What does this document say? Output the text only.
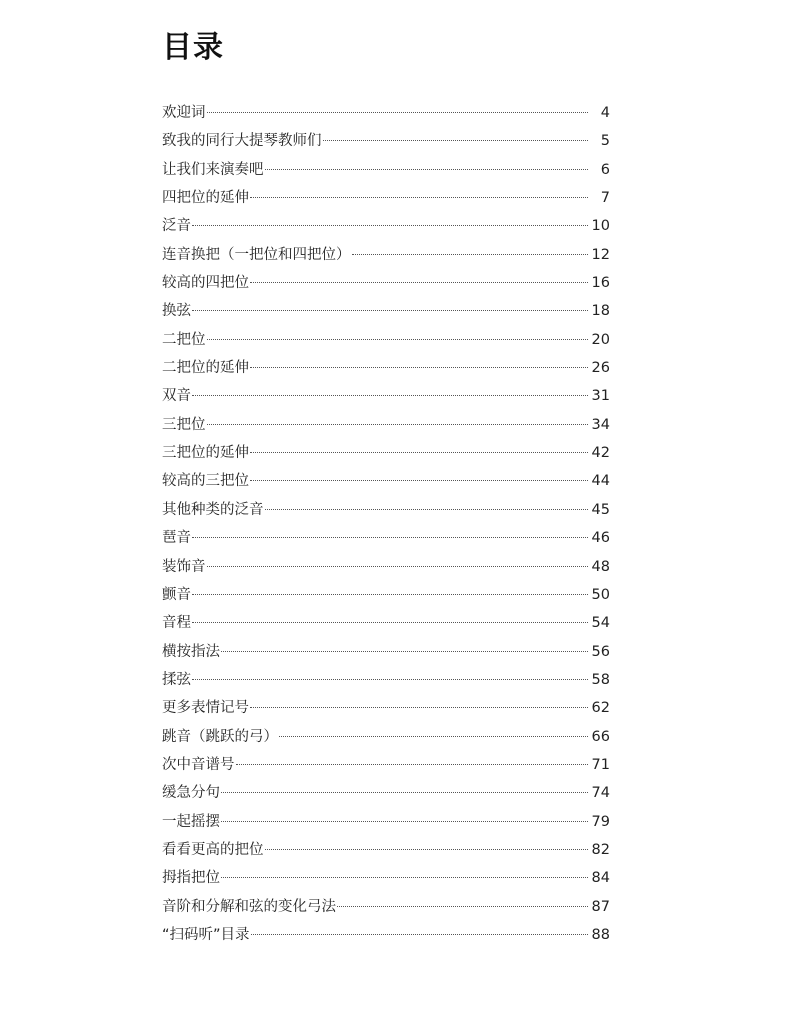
目录
欢迎词	4
致我的同行大提琴教师们	5
让我们来演奏吧	6
四把位的延伸	7
泛音	10
连音换把（一把位和四把位）	12
较高的四把位	16
换弦	18
二把位	20
二把位的延伸	26
双音	31
三把位	34
三把位的延伸	42
较高的三把位	44
其他种类的泛音	45
琶音	46
装饰音	48
颤音	50
音程	54
横按指法	56
揉弦	58
更多表情记号	62
跳音（跳跃的弓）	66
次中音谱号	71
缓急分句	74
一起摇摆	79
看看更高的把位	82
拇指把位	84
音阶和分解和弦的变化弓法	87
“扫码听”目录	88
